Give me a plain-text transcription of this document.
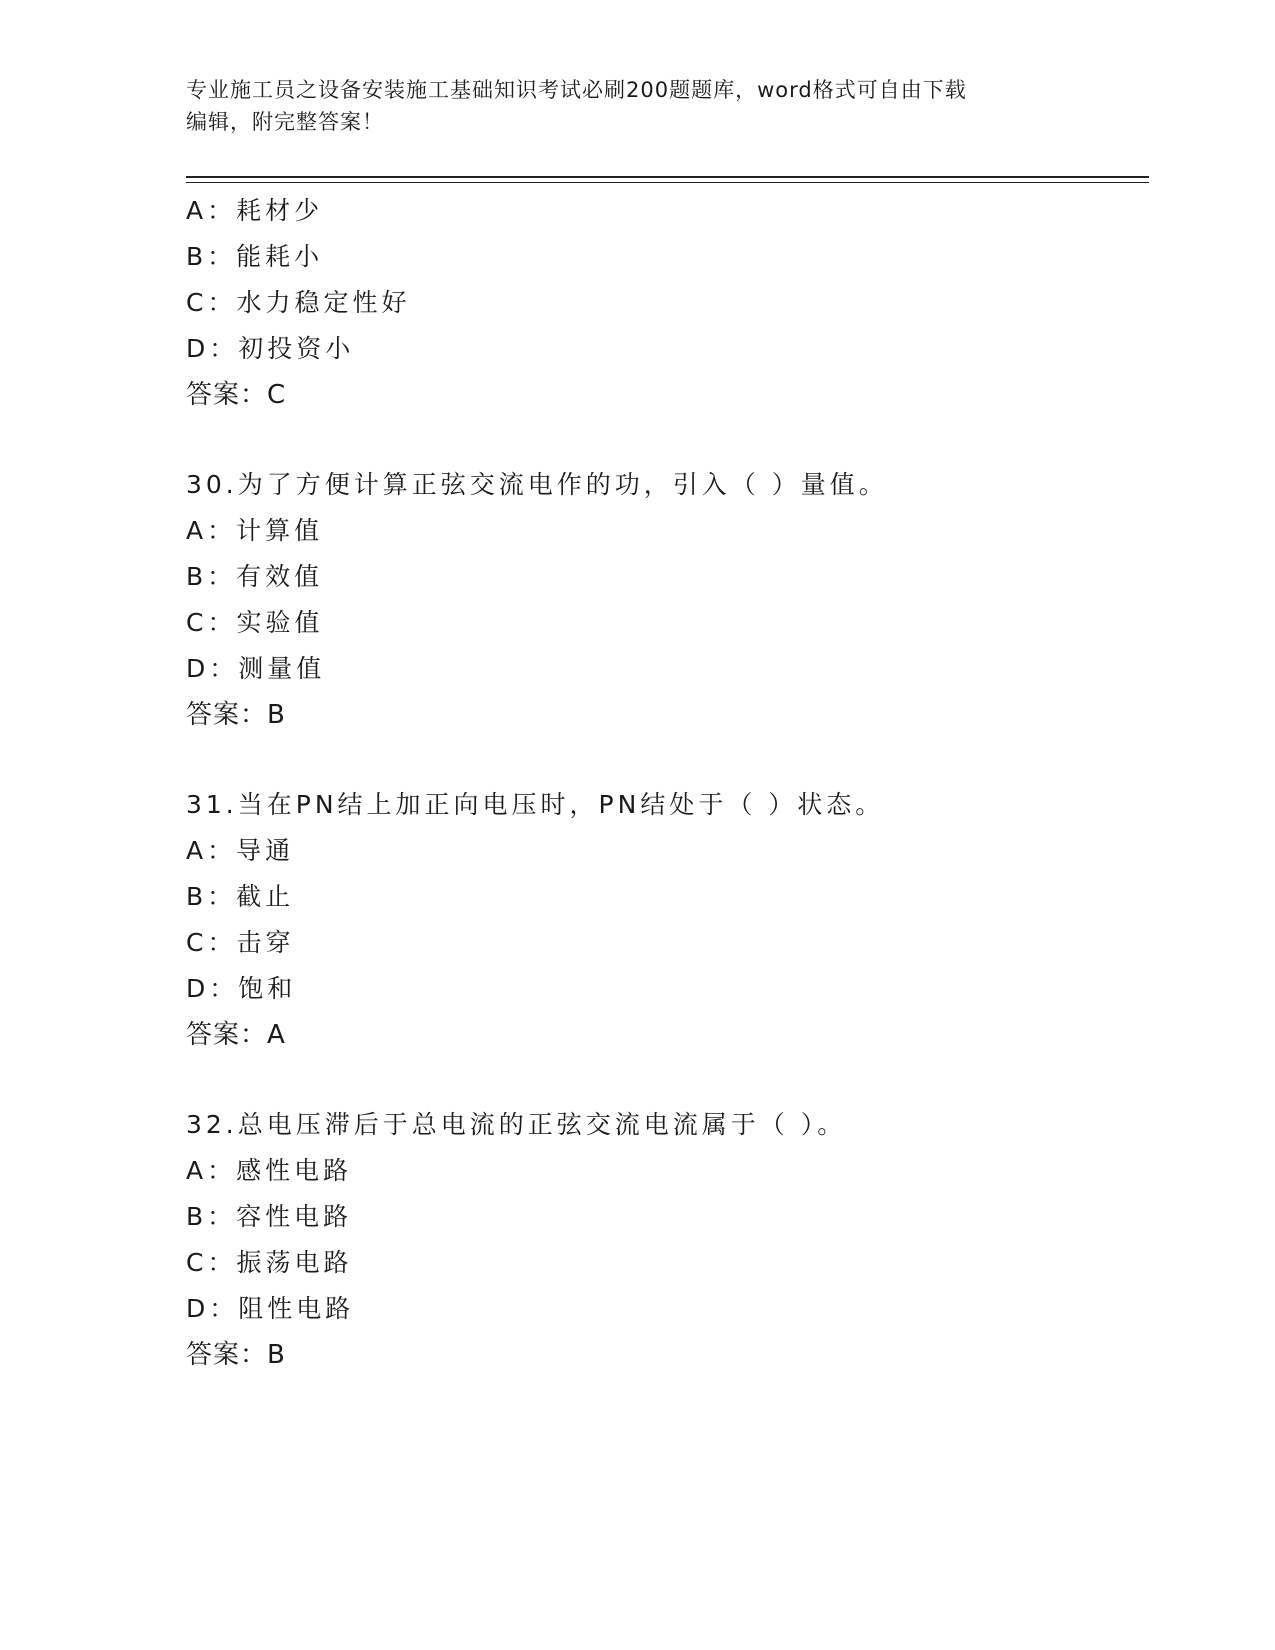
专业施工员之设备安装施工基础知识考试必刷200题题库，word格式可自由下载
编辑，附完整答案！
A：耗材少
B：能耗小
C：水力稳定性好
D：初投资小
答案：C
30.为了方便计算正弦交流电作的功，引入（ ）量值。
A：计算值
B：有效值
C：实验值
D：测量值
答案：B
31.当在PN结上加正向电压时，PN结处于（ ）状态。
A：导通
B：截止
C：击穿
D：饱和
答案：A
32.总电压滞后于总电流的正弦交流电流属于（ ）。
A：感性电路
B：容性电路
C：振荡电路
D：阻性电路
答案：B
